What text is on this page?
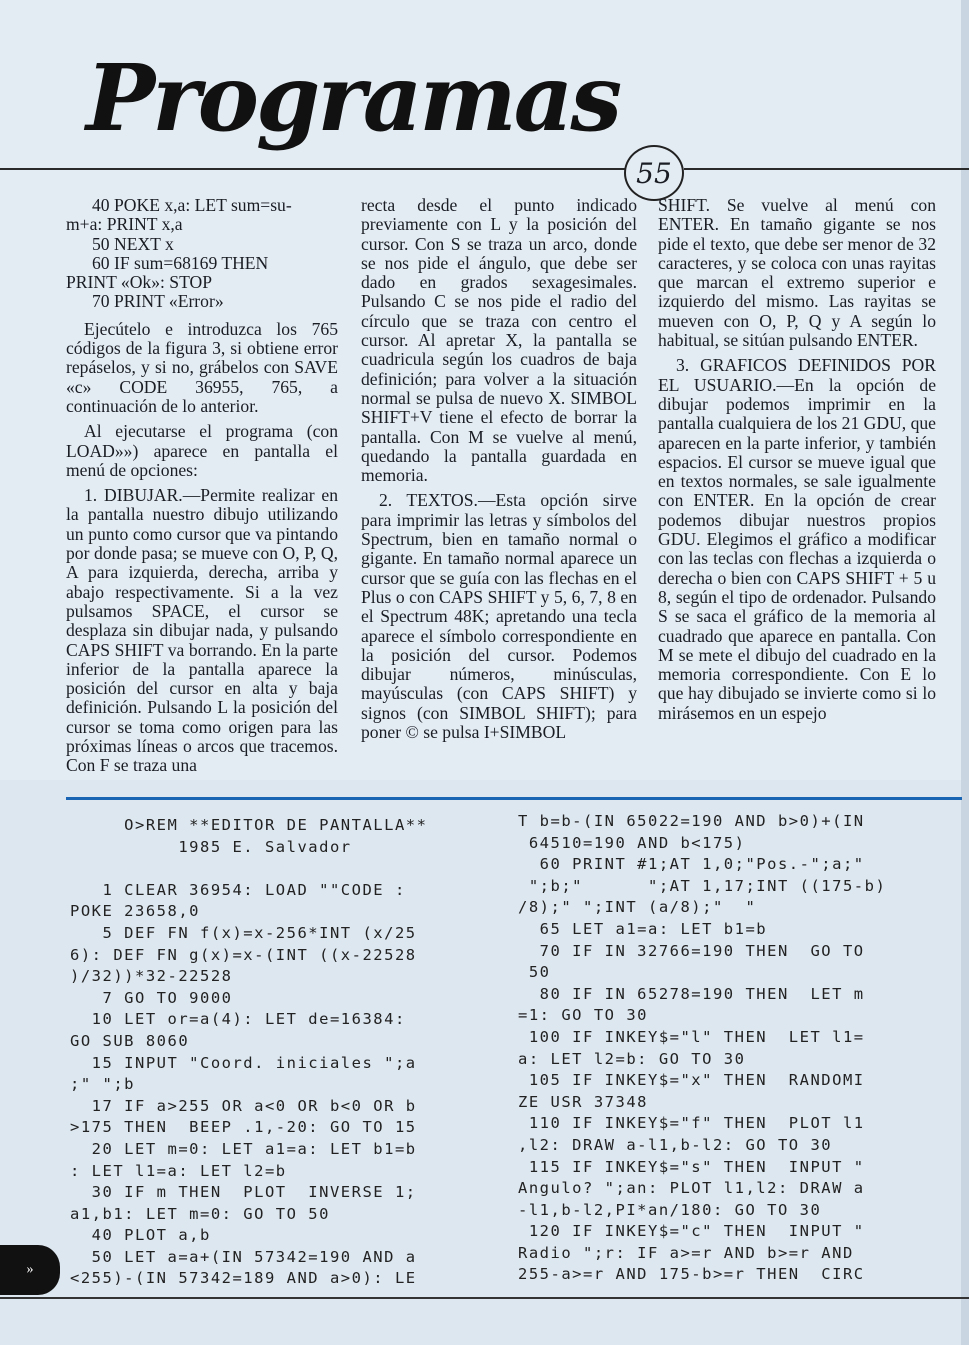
Programas
55

40 POKE x,a: LET sum=su-

m+a: PRINT x,a

50 NEXT x

60 IF sum=68169 THEN

PRINT «Ok»: STOP

70 PRINT «Error»

Ejecútelo e introduzca los 765 códigos de la figura 3, si obtiene error repáselos, y si no, grábelos con SAVE «c» CODE 36955, 765, a continuación de lo anterior.

Al ejecutarse el programa (con LOAD»») aparece en pantalla el menú de opciones:

1. DIBUJAR.—Permite realizar en la pantalla nuestro dibujo utilizando un punto como cursor que va pintando por donde pasa; se mueve con O, P, Q, A para izquierda, derecha, arriba y abajo respectivamente. Si a la vez pulsamos SPACE, el cursor se desplaza sin dibujar nada, y pulsando CAPS SHIFT va borrando. En la parte inferior de la pantalla aparece la posición del cursor en alta y baja definición. Pulsando L la posición del cursor se toma como origen para las próximas líneas o arcos que tracemos. Con F se traza una

recta desde el punto indicado previamente con L y la posición del cursor. Con S se traza un arco, donde se nos pide el ángulo, que debe ser dado en grados sexagesimales. Pulsando C se nos pide el radio del círculo que se traza con centro el cursor. Al apretar X, la pantalla se cuadricula según los cuadros de baja definición; para volver a la situación normal se pulsa de nuevo X. SIMBOL SHIFT+V tiene el efecto de borrar la pantalla. Con M se vuelve al menú, quedando la pantalla guardada en memoria.

2. TEXTOS.—Esta opción sirve para imprimir las letras y símbolos del Spectrum, bien en tamaño normal o gigante. En tamaño normal aparece un cursor que se guía con las flechas en el Plus o con CAPS SHIFT y 5, 6, 7, 8 en el Spectrum 48K; apretando una tecla aparece el símbolo correspondiente en la posición del cursor. Podemos dibujar números, minúsculas, mayúsculas (con CAPS SHIFT) y signos (con SIMBOL SHIFT); para poner © se pulsa I+SIMBOL

SHIFT. Se vuelve al menú con ENTER. En tamaño gigante se nos pide el texto, que debe ser menor de 32 caracteres, y se coloca con unas rayitas que marcan el extremo superior e izquierdo del mismo. Las rayitas se mueven con O, P, Q y A según lo habitual, se sitúan pulsando ENTER.

3. GRAFICOS DEFINIDOS POR EL USUARIO.—En la opción de dibujar podemos imprimir en la pantalla cualquiera de los 21 GDU, que aparecen en la parte inferior, y también espacios. El cursor se mueve igual que en textos normales, se sale igualmente con ENTER. En la opción de crear podemos dibujar nuestros propios GDU. Elegimos el gráfico a modificar con las teclas con flechas a izquierda o derecha o bien con CAPS SHIFT + 5 u 8, según el tipo de ordenador. Pulsando S se saca el gráfico de la memoria al cuadrado que aparece en pantalla. Con M se mete el dibujo del cuadrado en la memoria correspondiente. Con E lo que hay dibujado se invierte como si lo mirásemos en un espejo

O>REM **EDITOR DE PANTALLA**
1985 E. Salvador

1 CLEAR 36954: LOAD ""CODE :
POKE 23658,0
5 DEF FN f(x)=x-256*INT (x/25
6): DEF FN g(x)=x-(INT ((x-22528
)/32))*32-22528
7 GO TO 9000
10 LET or=a(4): LET de=16384:
GO SUB 8060
15 INPUT "Coord. iniciales ";a
;" ";b
17 IF a>255 OR a<0 OR b<0 OR b
>175 THEN  BEEP .1,-20: GO TO 15
20 LET m=0: LET a1=a: LET b1=b
: LET l1=a: LET l2=b
30 IF m THEN  PLOT  INVERSE 1;
a1,b1: LET m=0: GO TO 50
40 PLOT a,b
50 LET a=a+(IN 57342=190 AND a
<255)-(IN 57342=189 AND a>0): LE
T b=b-(IN 65022=190 AND b>0)+(IN
64510=190 AND b<175)
60 PRINT #1;AT 1,0;"Pos.-";a;"
";b;"      ";AT 1,17;INT ((175-b)
/8);" ";INT (a/8);"  "
65 LET a1=a: LET b1=b
70 IF IN 32766=190 THEN  GO TO
50
80 IF IN 65278=190 THEN  LET m
=1: GO TO 30
100 IF INKEY$="l" THEN  LET l1=
a: LET l2=b: GO TO 30
105 IF INKEY$="x" THEN  RANDOMI
ZE USR 37348
110 IF INKEY$="f" THEN  PLOT l1
,l2: DRAW a-l1,b-l2: GO TO 30
115 IF INKEY$="s" THEN  INPUT "
Angulo? ";an: PLOT l1,l2: DRAW a
-l1,b-l2,PI*an/180: GO TO 30
120 IF INKEY$="c" THEN  INPUT "
Radio ";r: IF a>=r AND b>=r AND
255-a>=r AND 175-b>=r THEN  CIRC
»
